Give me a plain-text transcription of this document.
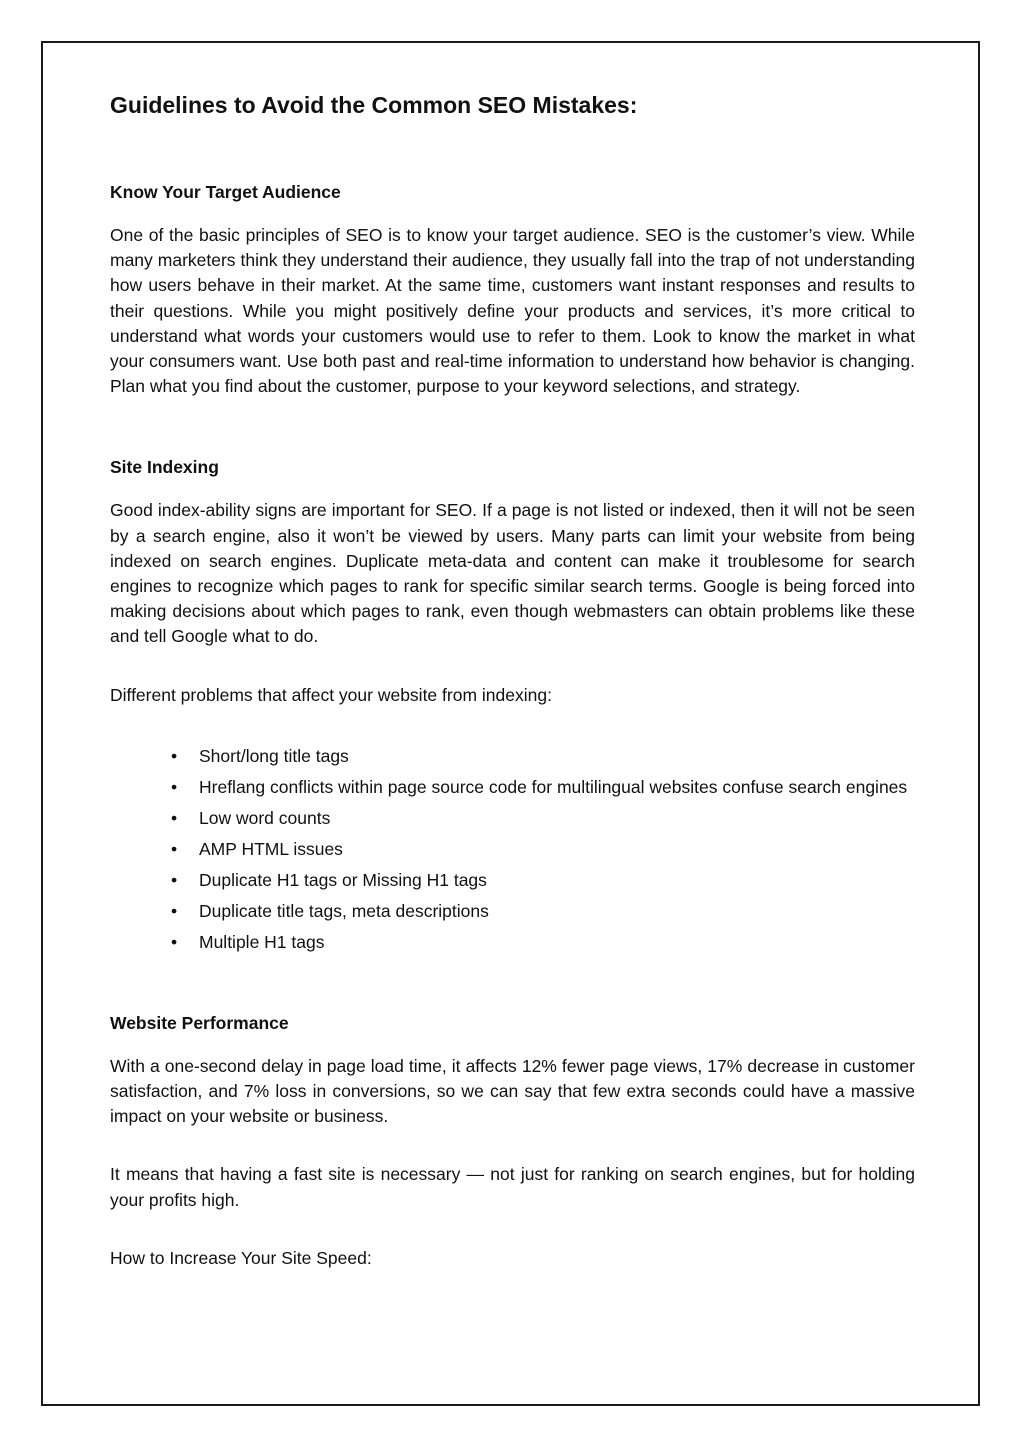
Guidelines to Avoid the Common SEO Mistakes:
Know Your Target Audience

One of the basic principles of SEO is to know your target audience. SEO is the customer’s view. While many marketers think they understand their audience, they usually fall into the trap of not understanding how users behave in their market. At the same time, customers want instant responses and results to their questions. While you might positively define your products and services, it’s more critical to understand what words your customers would use to refer to them. Look to know the market in what your consumers want. Use both past and real-time information to understand how behavior is changing. Plan what you find about the customer, purpose to your keyword selections, and strategy.

Site Indexing

Good index-ability signs are important for SEO. If a page is not listed or indexed, then it will not be seen by a search engine, also it won’t be viewed by users. Many parts can limit your website from being indexed on search engines. Duplicate meta-data and content can make it troublesome for search engines to recognize which pages to rank for specific similar search terms. Google is being forced into making decisions about which pages to rank, even though webmasters can obtain problems like these and tell Google what to do.

Different problems that affect your website from indexing:

• Short/long title tags
• Hreflang conflicts within page source code for multilingual websites confuse search engines
• Low word counts
• AMP HTML issues
• Duplicate H1 tags or Missing H1 tags
• Duplicate title tags, meta descriptions
• Multiple H1 tags
Website Performance

With a one-second delay in page load time, it affects 12% fewer page views, 17% decrease in customer satisfaction, and 7% loss in conversions, so we can say that few extra seconds could have a massive impact on your website or business.

It means that having a fast site is necessary — not just for ranking on search engines, but for holding your profits high.

How to Increase Your Site Speed:
